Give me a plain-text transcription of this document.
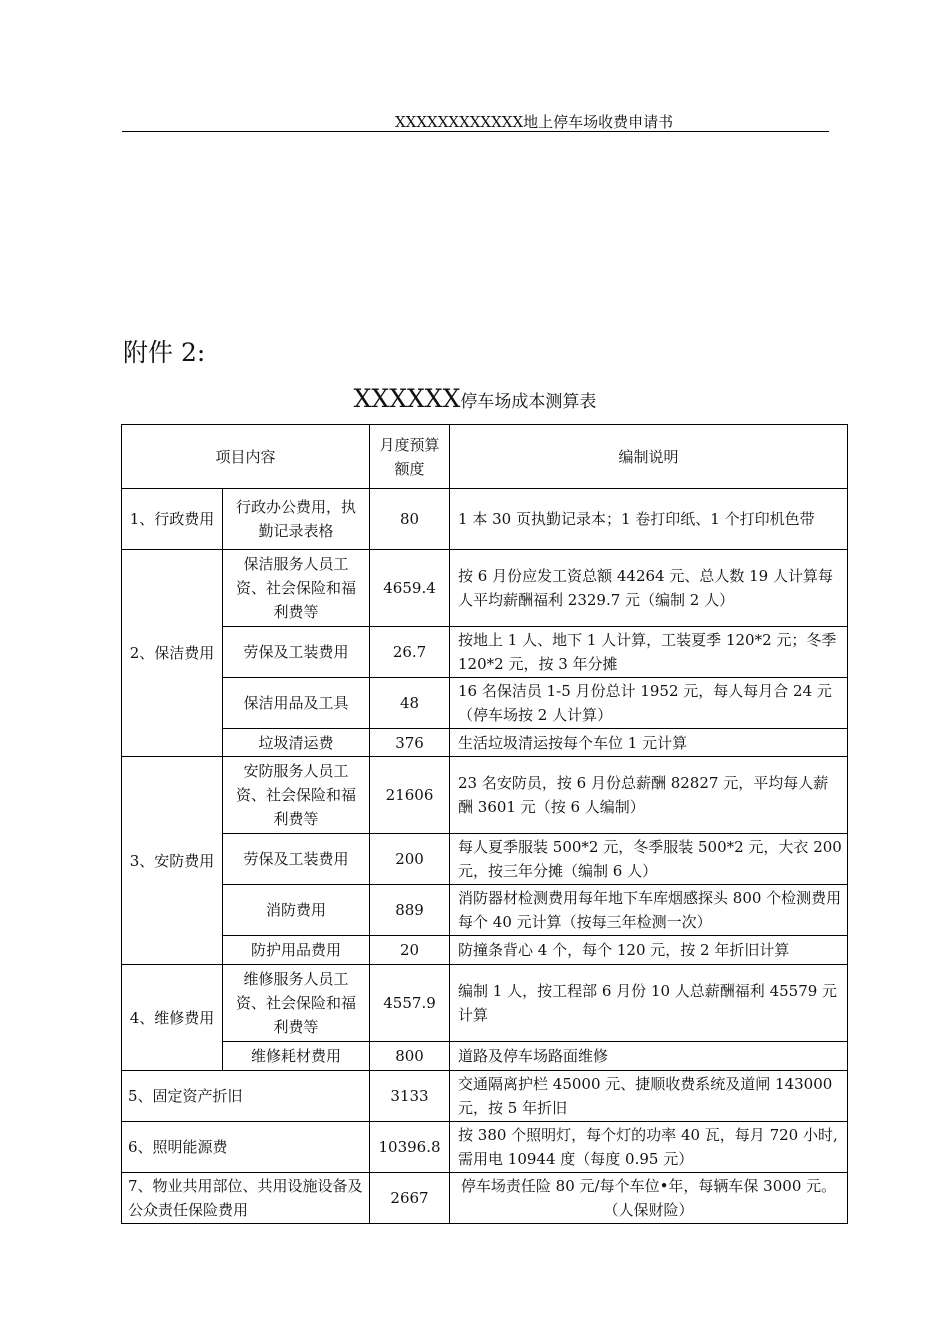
XXXXXXXXXXXX地上停车场收费申请书
附件 2:
XXXXXX停车场成本测算表
项目内容		月度预算额度	编制说明
1、行政费用	行政办公费用，执勤记录表格	80	1 本 30 页执勤记录本；1 卷打印纸、1 个打印机色带
2、保洁费用	保洁服务人员工资、社会保险和福利费等	4659.4	按 6 月份应发工资总额 44264 元、总人数 19 人计算每人平均薪酬福利 2329.7 元（编制 2 人）
	劳保及工装费用	26.7	按地上 1 人、地下 1 人计算，工装夏季 120*2 元；冬季 120*2 元，按 3 年分摊
	保洁用品及工具	48	16 名保洁员 1-5 月份总计 1952 元，每人每月合 24 元（停车场按 2 人计算）
	垃圾清运费	376	生活垃圾清运按每个车位 1 元计算
3、安防费用	安防服务人员工资、社会保险和福利费等	21606	23 名安防员，按 6 月份总薪酬 82827 元，平均每人薪酬 3601 元（按 6 人编制）
	劳保及工装费用	200	每人夏季服装 500*2 元，冬季服装 500*2 元，大衣 200 元，按三年分摊（编制 6 人）
	消防费用	889	消防器材检测费用每年地下车库烟感探头 800 个检测费用每个 40 元计算（按每三年检测一次）
	防护用品费用	20	防撞条背心 4 个，每个 120 元，按 2 年折旧计算
4、维修费用	维修服务人员工资、社会保险和福利费等	4557.9	编制 1 人，按工程部 6 月份 10 人总薪酬福利 45579 元计算
	维修耗材费用	800	道路及停车场路面维修
5、固定资产折旧		3133	交通隔离护栏 45000 元、捷顺收费系统及道闸 143000 元，按 5 年折旧
6、照明能源费		10396.8	按 380 个照明灯，每个灯的功率 40 瓦，每月 720 小时,需用电 10944 度（每度 0.95 元）
7、物业共用部位、共用设施设备及公众责任保险费用		2667	停车场责任险 80 元/每个车位•年，每辆车保 3000 元。（人保财险）
